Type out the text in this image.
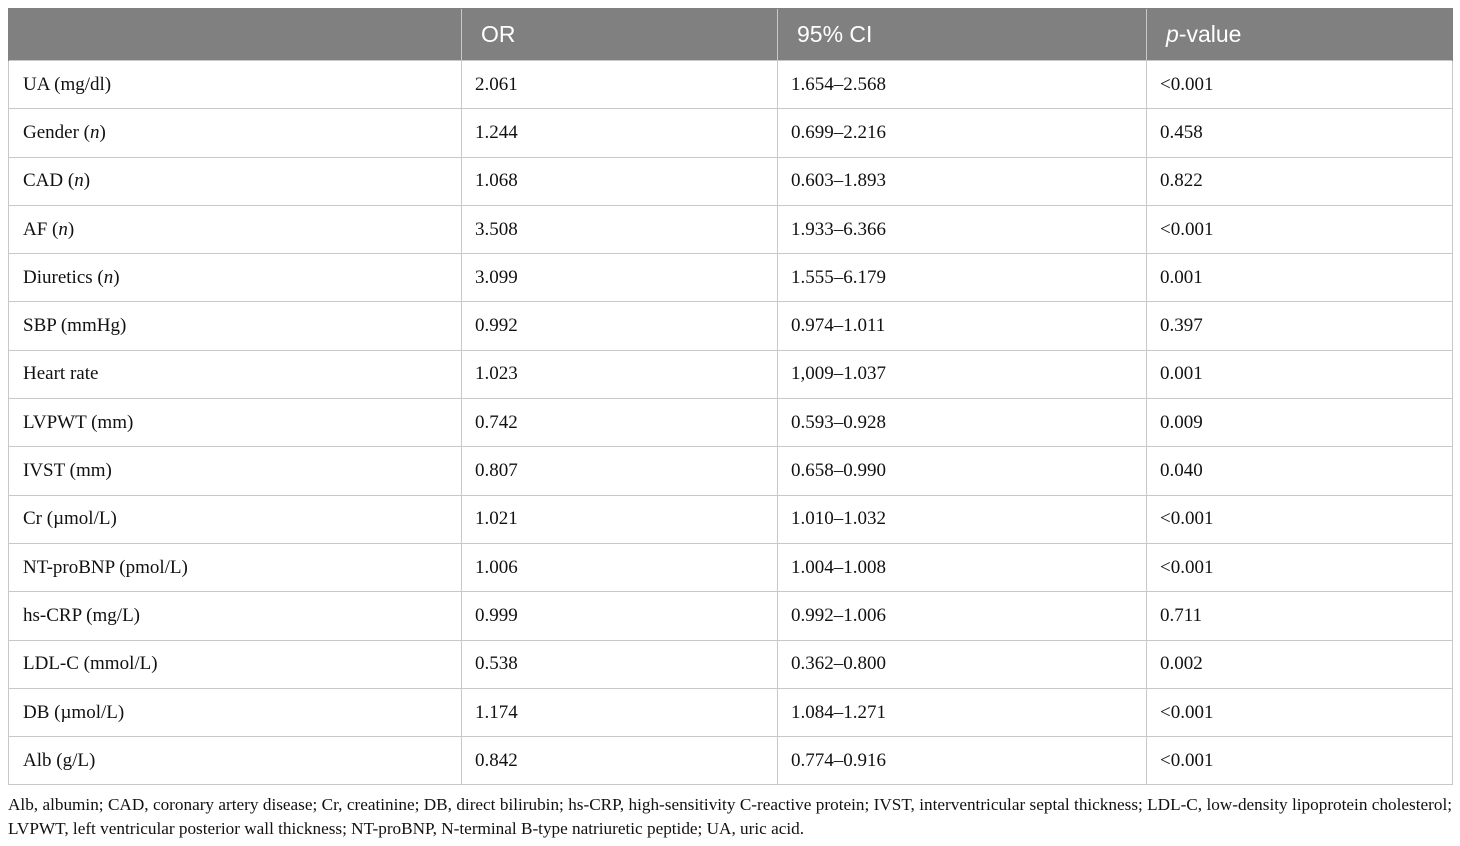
	OR	95% CI	p-value
UA (mg/dl)	2.061	1.654–2.568	<0.001
Gender (n)	1.244	0.699–2.216	0.458
CAD (n)	1.068	0.603–1.893	0.822
AF (n)	3.508	1.933–6.366	<0.001
Diuretics (n)	3.099	1.555–6.179	0.001
SBP (mmHg)	0.992	0.974–1.011	0.397
Heart rate	1.023	1,009–1.037	0.001
LVPWT (mm)	0.742	0.593–0.928	0.009
IVST (mm)	0.807	0.658–0.990	0.040
Cr (µmol/L)	1.021	1.010–1.032	<0.001
NT-proBNP (pmol/L)	1.006	1.004–1.008	<0.001
hs-CRP (mg/L)	0.999	0.992–1.006	0.711
LDL-C (mmol/L)	0.538	0.362–0.800	0.002
DB (µmol/L)	1.174	1.084–1.271	<0.001
Alb (g/L)	0.842	0.774–0.916	<0.001
Alb, albumin; CAD, coronary artery disease; Cr, creatinine; DB, direct bilirubin; hs-CRP, high-sensitivity C-reactive protein; IVST, interventricular septal thickness; LDL-C, low-density lipoprotein cholesterol; LVPWT, left ventricular posterior wall thickness; NT-proBNP, N-terminal B-type natriuretic peptide; UA, uric acid.
